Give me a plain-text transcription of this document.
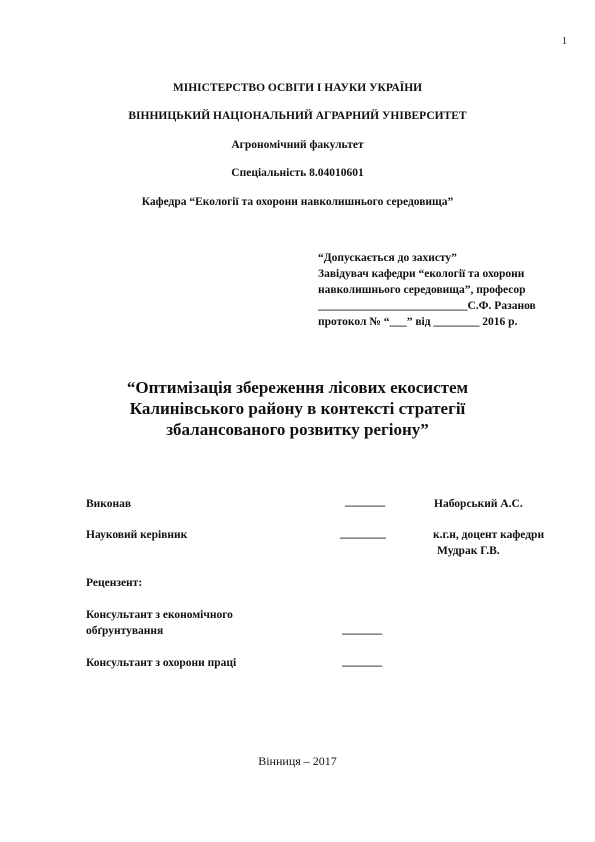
1
МІНІСТЕРСТВО ОСВІТИ І НАУКИ УКРАЇНИ
ВІННИЦЬКИЙ НАЦІОНАЛЬНИЙ АГРАРНИЙ УНІВЕРСИТЕТ
Агрономічний факультет
Спеціальність 8.04010601
Кафедра “Екології та охорони навколишнього середовища”
“Допускається до захисту”
Завідувач кафедри “екології та охорони
навколишнього середовища”, професор
__________________________С.Ф. Разанов
протокол № “___” від ________ 2016 р.
“Оптимізація збереження лісових екосистем
Калинівського району в контексті стратегії
збалансованого розвитку регіону”
Виконав	_______	Наборський А.С.
Науковий керівник	________	к.г.н, доцент кафедри
Мудрак Г.В.
Рецензент:
Консультант з економічного
обґрунтування	_______
Консультант з охорони праці	_______
Вінниця – 2017
